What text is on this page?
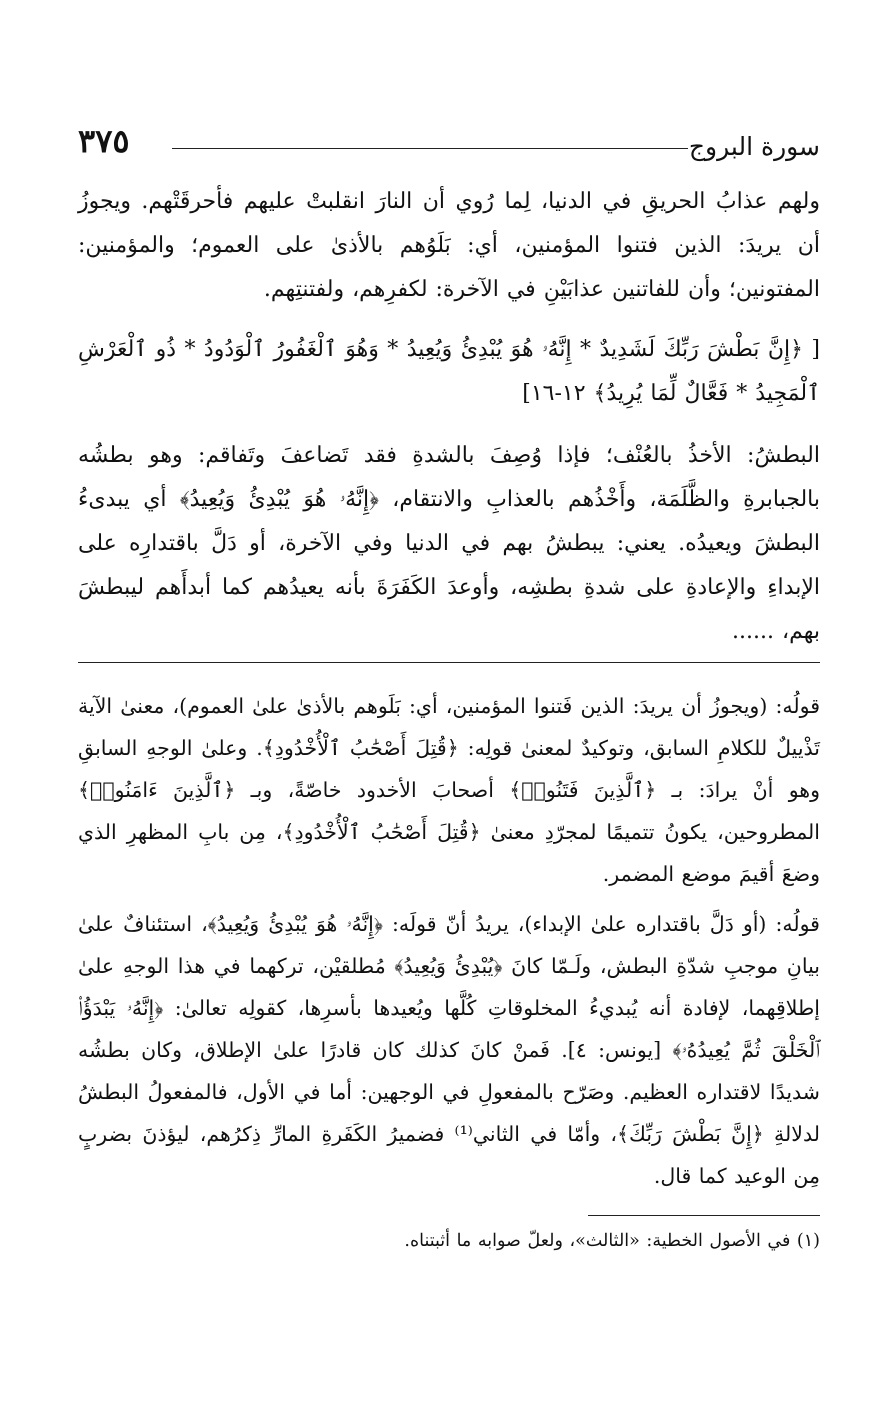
سورة البروج
٣٧٥

ولهم عذابُ الحريقِ في الدنيا، لِما رُوي أن النارَ انقلبتْ عليهم فأحرقَتْهم. ويجوزُ أن يريدَ: الذين فتنوا المؤمنين، أي: بَلَوُهم بالأذىٰ على العموم؛ والمؤمنين: المفتونين؛ وأن للفاتنين عذابَيْنِ في الآخرة: لكفرِهم، ولفتنتِهم.

[ ﴿إِنَّ بَطْشَ رَبِّكَ لَشَدِيدٌ * إِنَّهُۥ هُوَ يُبْدِئُ وَيُعِيدُ * وَهُوَ ٱلْغَفُورُ ٱلْوَدُودُ * ذُو ٱلْعَرْشِ ٱلْمَجِيدُ * فَعَّالٌ لِّمَا يُرِيدُ﴾ ١٢-١٦]

البطشُ: الأخذُ بالعُنْف؛ فإذا وُصِفَ بالشدةِ فقد تَضاعفَ وتَفاقم: وهو بطشُه بالجبابرةِ والظَّلَمَة، وأَخْذُهم بالعذابِ والانتقام، ﴿إِنَّهُۥ هُوَ يُبْدِئُ وَيُعِيدُ﴾ أي يبدىءُ البطشَ ويعيدُه. يعني: يبطشُ بهم في الدنيا وفي الآخرة، أو دَلَّ باقتدارِه على الإبداءِ والإعادةِ على شدةِ بطشِه، وأوعدَ الكَفَرَةَ بأنه يعيدُهم كما أبدأَهم ليبطشَ بهم، ......

قولُه: (ويجوزُ أن يريدَ: الذين فَتنوا المؤمنين، أي: بَلَوهم بالأذىٰ علىٰ العموم)، معنىٰ الآية تَذْييلٌ للكلامِ السابق، وتوكيدٌ لمعنىٰ قولِه: ﴿قُتِلَ أَصْحَٰبُ ٱلْأُخْدُودِ﴾. وعلىٰ الوجهِ السابقِ وهو أنْ يرادَ: بـ ﴿ٱلَّذِينَ فَتَنُوا۟﴾ أصحابَ الأخدود خاصّةً، وبـ ﴿ٱلَّذِينَ ءَامَنُوا۟﴾ المطروحين، يكونُ تتميمًا لمجرّدِ معنىٰ ﴿قُتِلَ أَصْحَٰبُ ٱلْأُخْدُودِ﴾، مِن بابِ المظهرِ الذي وضعَ أقيمَ موضع المضمر.

قولُه: (أو دَلَّ باقتداره علىٰ الإبداء)، يريدُ أنّ قولَه: ﴿إِنَّهُۥ هُوَ يُبْدِئُ وَيُعِيدُ﴾، استئنافٌ علىٰ بيانِ موجبِ شدّةِ البطش، ولَـمّا كانَ ﴿يُبْدِئُ وَيُعِيدُ﴾ مُطلقيْن، تركهما في هذا الوجهِ علىٰ إطلاقِهما، لإفادة أنه يُبديءُ المخلوقاتِ كُلَّها ويُعيدها بأسرِها، كقولِه تعالىٰ: ﴿إِنَّهُۥ يَبْدَؤُا۟ ٱلْخَلْقَ ثُمَّ يُعِيدُهُۥ﴾ [يونس: ٤]. فَمنْ كانَ كذلك كان قادرًا علىٰ الإطلاق، وكان بطشُه شديدًا لاقتداره العظيم. وصَرّح بالمفعولِ في الوجهين: أما في الأول، فالمفعولُ البطشُ لدلالةِ ﴿إِنَّ بَطْشَ رَبِّكَ﴾، وأمّا في الثاني⁽¹⁾ فضميرُ الكَفَرةِ المارِّ ذِكرُهم، ليؤذنَ بضربٍ مِن الوعيد كما قال.

(١) في الأصول الخطية: «الثالث»، ولعلّ صوابه ما أثبتناه.
